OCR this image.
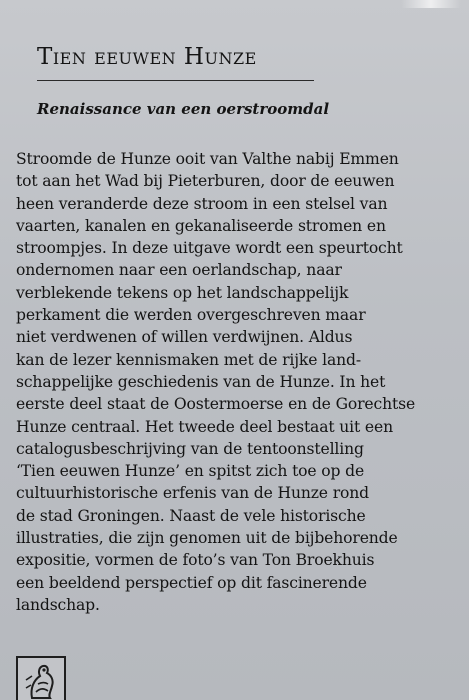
Tien eeuwen Hunze
Renaissance van een oerstroomdal
Stroomde de Hunze ooit van Valthe nabij Emmen
tot aan het Wad bij Pieterburen, door de eeuwen
heen veranderde deze stroom in een stelsel van
vaarten, kanalen en gekanaliseerde stromen en
stroompjes. In deze uitgave wordt een speurtocht
ondernomen naar een oerlandschap, naar
verblekende tekens op het landschappelijk
perkament die werden overgeschreven maar
niet verdwenen of willen verdwijnen. Aldus
kan de lezer kennismaken met de rijke land-
schappelijke geschiedenis van de Hunze. In het
eerste deel staat de Oostermoerse en de Gorechtse
Hunze centraal. Het tweede deel bestaat uit een
catalogusbeschrijving van de tentoonstelling
‘Tien eeuwen Hunze’ en spitst zich toe op de
cultuurhistorische erfenis van de Hunze rond
de stad Groningen. Naast de vele historische
illustraties, die zijn genomen uit de bijbehorende
expositie, vormen de foto’s van Ton Broekhuis
een beeldend perspectief op dit fascinerende
landschap.
